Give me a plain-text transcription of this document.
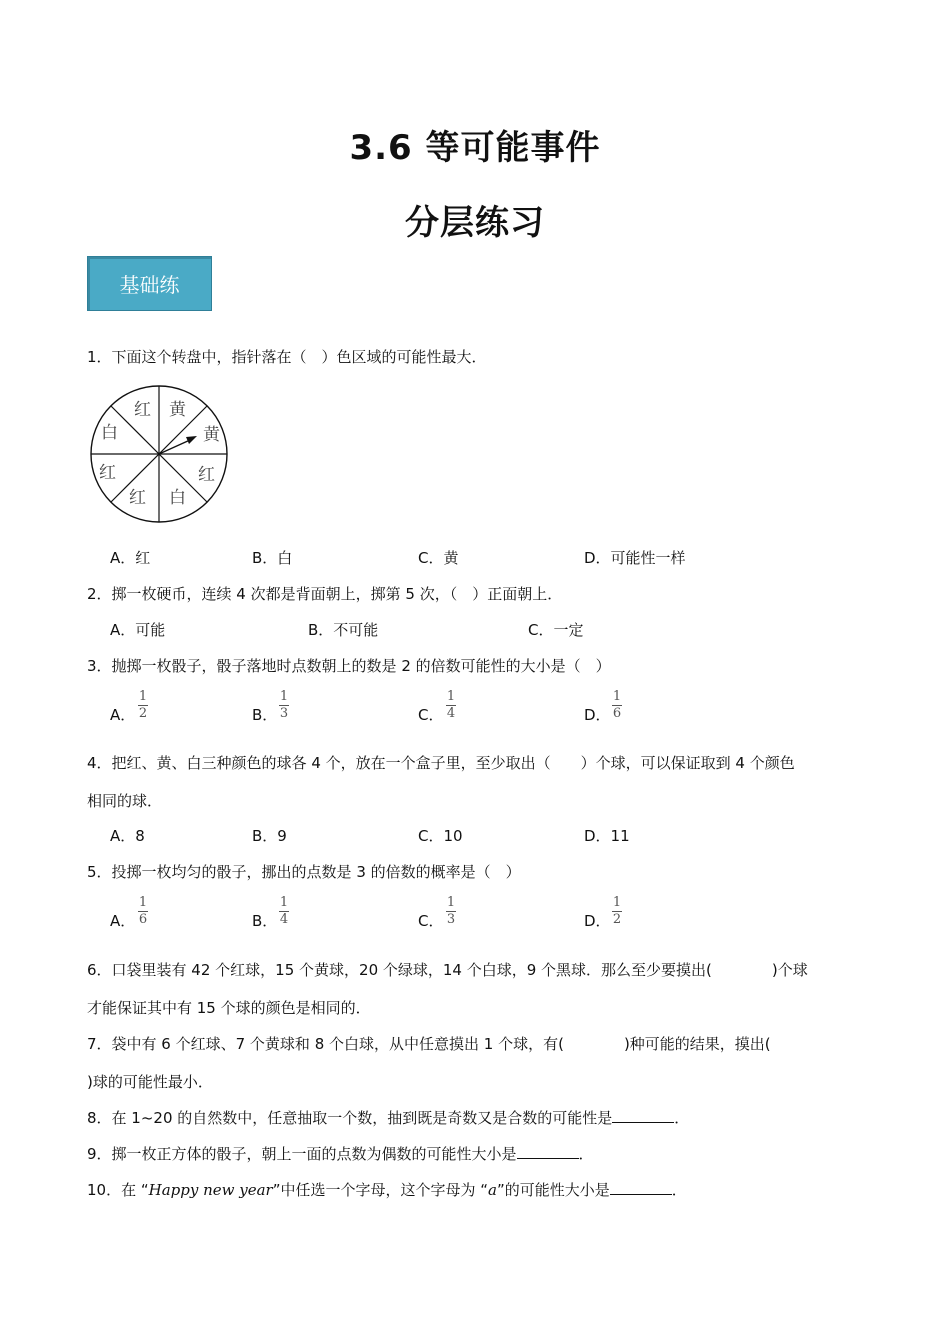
3.6 等可能事件
分层练习
基础练
1．下面这个转盘中，指针落在（　）色区域的可能性最大．
红 黄
黄
红
白
红
红
白
A．红	B．白	C．黄	D．可能性一样
2．掷一枚硬币，连续 4 次都是背面朝上，掷第 5 次，（　）正面朝上．
A．可能	B．不可能	C．一定
3．抛掷一枚骰子，骰子落地时点数朝上的数是 2 的倍数可能性的大小是（　）
A．
1
2	B．
1
3	C．
1
4	D．
1
6
4．把红、黄、白三种颜色的球各 4 个，放在一个盒子里，至少取出（　　）个球，可以保证取到 4 个颜色
相同的球．
A．8	B．9	C．10	D．11
5．投掷一枚均匀的骰子，挪出的点数是 3 的倍数的概率是（　）
A．
1
6	B．
1
4	C．
1
3	D．
1
2
6．口袋里装有 42 个红球，15 个黄球，20 个绿球，14 个白球，9 个黑球．那么至少要摸出(　　　　)个球
才能保证其中有 15 个球的颜色是相同的．
7．袋中有 6 个红球、7 个黄球和 8 个白球，从中任意摸出 1 个球，有(　　　　)种可能的结果，摸出(
)球的可能性最小．
8．在 1~20 的自然数中，任意抽取一个数，抽到既是奇数又是合数的可能性是	．
9．掷一枚正方体的骰子，朝上一面的点数为偶数的可能性大小是	．
10．在 “Happy new year”中任选一个字母，这个字母为 “a”的可能性大小是	．
